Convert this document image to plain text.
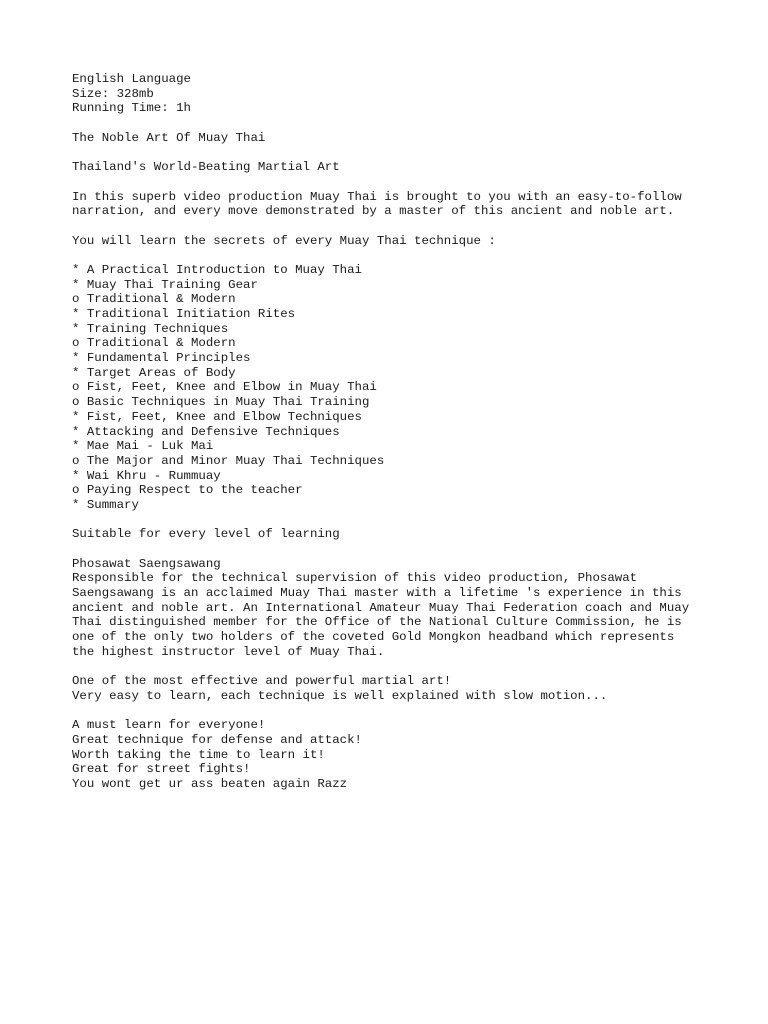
English Language
Size: 328mb
Running Time: 1h
The Noble Art Of Muay Thai
Thailand's World-Beating Martial Art
In this superb video production Muay Thai is brought to you with an easy-to-follow
narration, and every move demonstrated by a master of this ancient and noble art.
You will learn the secrets of every Muay Thai technique :
* A Practical Introduction to Muay Thai
* Muay Thai Training Gear
o Traditional & Modern
* Traditional Initiation Rites
* Training Techniques
o Traditional & Modern
* Fundamental Principles
* Target Areas of Body
o Fist, Feet, Knee and Elbow in Muay Thai
o Basic Techniques in Muay Thai Training
* Fist, Feet, Knee and Elbow Techniques
* Attacking and Defensive Techniques
* Mae Mai - Luk Mai
o The Major and Minor Muay Thai Techniques
* Wai Khru - Rummuay
o Paying Respect to the teacher
* Summary
Suitable for every level of learning
Phosawat Saengsawang
Responsible for the technical supervision of this video production, Phosawat
Saengsawang is an acclaimed Muay Thai master with a lifetime 's experience in this
ancient and noble art. An International Amateur Muay Thai Federation coach and Muay
Thai distinguished member for the Office of the National Culture Commission, he is
one of the only two holders of the coveted Gold Mongkon headband which represents
the highest instructor level of Muay Thai.
One of the most effective and powerful martial art!
Very easy to learn, each technique is well explained with slow motion...
A must learn for everyone!
Great technique for defense and attack!
Worth taking the time to learn it!
Great for street fights!
You wont get ur ass beaten again Razz
